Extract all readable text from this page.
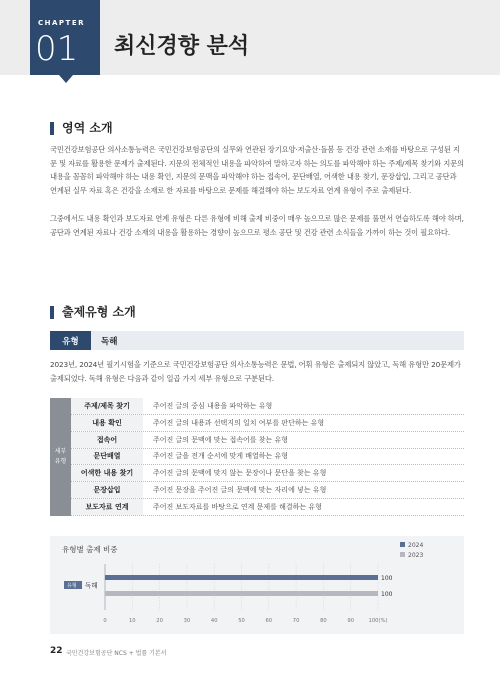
CHAPTER
01 최신경향 분석
영역 소개
국민건강보험공단 의사소통능력은 국민건강보험공단의 실무와 연관된 장기요양·저출산·돌봄 등 건강 관련 소재를 바탕으로 구성된 지문 및 자료를 활용한 문제가 출제된다. 지문의 전체적인 내용을 파악하여 말하고자 하는 의도를 파악해야 하는 주제/제목 찾기와 지문의 내용을 꼼꼼히 파악해야 하는 내용 확인, 지문의 문맥을 파악해야 하는 접속어, 문단배열, 어색한 내용 찾기, 문장삽입, 그리고 공단과 연계된 실무 자료 혹은 건강을 소재로 한 자료를 바탕으로 문제를 해결해야 하는 보도자료 연계 유형이 주로 출제된다.
그중에서도 내용 확인과 보도자료 연계 유형은 다른 유형에 비해 출제 비중이 매우 높으므로 많은 문제를 풀면서 연습하도록 해야 하며, 공단과 연계된 자료나 건강 소재의 내용을 활용하는 경향이 높으므로 평소 공단 및 건강 관련 소식들을 가까이 하는 것이 필요하다.
출제유형 소개
유형	독해
2023년, 2024년 필기시험을 기준으로 국민건강보험공단 의사소통능력은 문법, 어휘 유형은 출제되지 않았고, 독해 유형만 20문제가 출제되었다. 독해 유형은 다음과 같이 일곱 가지 세부 유형으로 구분된다.
세부
유형
주제/제목 찾기	주어진 글의 중심 내용을 파악하는 유형
내용 확인	주어진 글의 내용과 선택지의 일치 여부를 판단하는 유형
접속어	주어진 글의 문맥에 맞는 접속어를 찾는 유형
문단배열	주어진 글을 전개 순서에 맞게 배열하는 유형
어색한 내용 찾기	주어진 글의 문맥에 맞지 않는 문장이나 문단을 찾는 유형
문장삽입	주어진 문장을 주어진 글의 문맥에 맞는 자리에 넣는 유형
보도자료 연계	주어진 보도자료를 바탕으로 연계 문제를 해결하는 유형
유형별 출제 비중	2024
2023
100
100
유형 독해
0	10	20	30	40	50	60	70	80	90	100(%)
22 국민건강보험공단 NCS + 법률 기본서
